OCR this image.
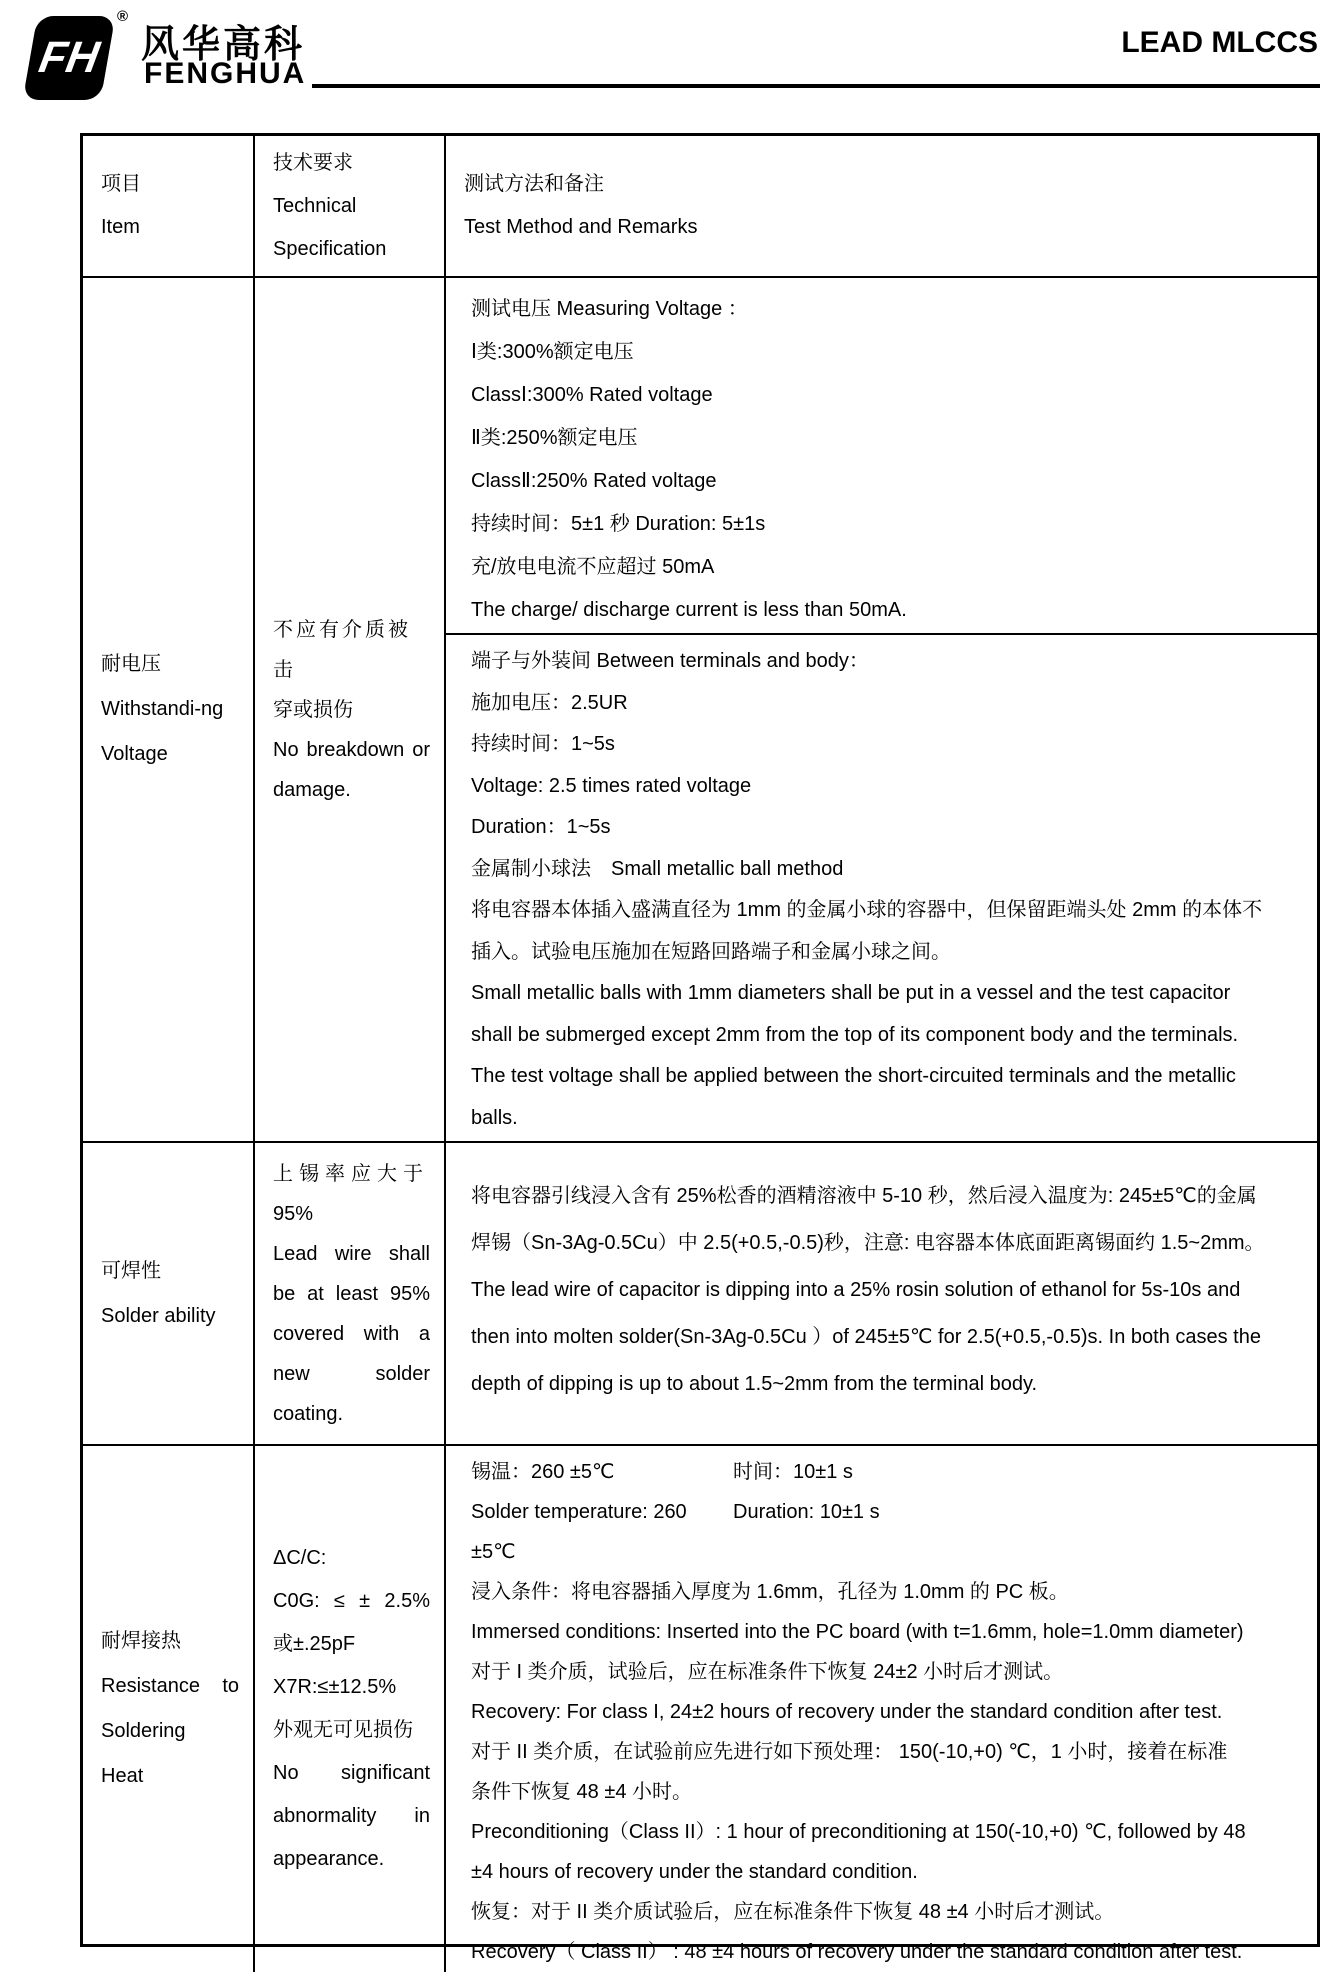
FH
®
风华高科
FENGHUA
LEAD MLCCS
项目
Item
技术要求
Technical
Specification
测试方法和备注
Test Method and Remarks
耐电压
Withstandi-ng
Voltage
不应有介质被击
穿或损伤
No breakdown or
damage.
测试电压 Measuring Voltage ：
Ⅰ类:300%额定电压
ClassⅠ:300% Rated voltage
Ⅱ类:250%额定电压
ClassⅡ:250% Rated voltage
持续时间：5±1 秒 Duration: 5±1s
充/放电电流不应超过 50mA
The charge/ discharge current is less than 50mA.
端子与外装间 Between terminals and body：
施加电压：2.5UR
持续时间：1~5s
Voltage: 2.5 times rated voltage
Duration：1~5s
金属制小球法　Small metallic ball method
将电容器本体插入盛满直径为 1mm 的金属小球的容器中，但保留距端头处 2mm 的本体不
插入。试验电压施加在短路回路端子和金属小球之间。
Small metallic balls with 1mm diameters shall be put in a vessel and the test capacitor
shall be submerged except 2mm from the top of its component body and the terminals.
The test voltage shall be applied between the short-circuited terminals and the metallic
balls.
可焊性
Solder ability
上锡率应大于
95%
Lead wire shall
be at least 95%
covered with a
new solder
coating.
将电容器引线浸入含有 25%松香的酒精溶液中 5-10 秒，然后浸入温度为: 245±5℃的金属
焊锡（Sn-3Ag-0.5Cu）中 2.5(+0.5,-0.5)秒，注意: 电容器本体底面距离锡面约 1.5~2mm。
The lead wire of capacitor is dipping into a 25% rosin solution of ethanol for 5s-10s and
then into molten solder(Sn-3Ag-0.5Cu ）of 245±5℃ for 2.5(+0.5,-0.5)s. In both cases the
depth of dipping is up to about 1.5~2mm from the terminal body.
耐焊接热
Resistance to
Soldering
Heat
ΔC/C:
C0G: ≤ ± 2.5%
或±.25pF
X7R:≤±12.5%
外观无可见损伤
No significant
abnormality in
appearance.
锡温：260 ±5℃	时间：10±1 s
Solder temperature: 260 ±5℃
Duration: 10±1 s
浸入条件：将电容器插入厚度为 1.6mm，孔径为 1.0mm 的 PC 板。
Immersed conditions: Inserted into the PC board (with t=1.6mm, hole=1.0mm diameter)
对于 I 类介质，试验后，应在标准条件下恢复 24±2 小时后才测试。
Recovery: For class I, 24±2 hours of recovery under the standard condition after test.
对于 II 类介质，在试验前应先进行如下预处理： 150(-10,+0) ℃，1 小时，接着在标准
条件下恢复 48 ±4 小时。
Preconditioning（Class II）: 1 hour of preconditioning at 150(-10,+0) ℃, followed by 48
±4 hours of recovery under the standard condition.
恢复：对于 II 类介质试验后，应在标准条件下恢复 48 ±4 小时后才测试。
Recovery（ Class II） : 48 ±4 hours of recovery under the standard condition after test.
